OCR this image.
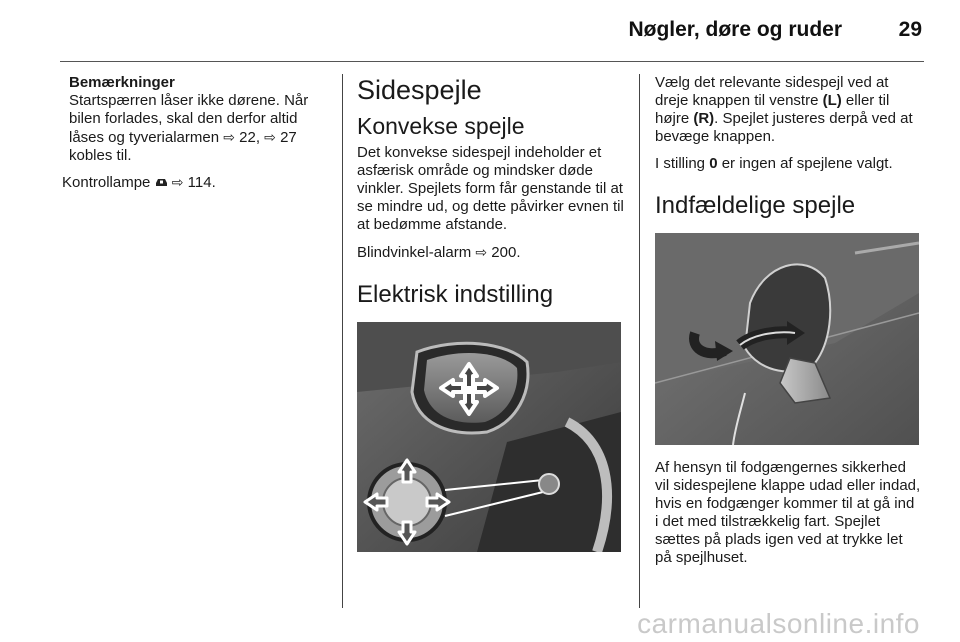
Nøgler, døre og ruder	29
Bemærkninger
Startspærren låser ikke dørene. Når bilen forlades, skal den derfor altid låses og tyverialarmen ⇨ 22, ⇨ 27 kobles til.

Kontrollampe  ⇨ 114.

Sidespejle
Konvekse spejle

Det konvekse sidespejl indeholder et asfærisk område og mindsker døde vinkler. Spejlets form får genstande til at se mindre ud, og dette påvirker evnen til at bedømme afstande.

Blindvinkel-alarm ⇨ 200.

Elektrisk indstilling

Vælg det relevante sidespejl ved at dreje knappen til venstre (L) eller til højre (R). Spejlet justeres derpå ved at bevæge knappen.

I stilling 0 er ingen af spejlene valgt.

Indfældelige spejle

Af hensyn til fodgængernes sikkerhed vil sidespejlene klappe udad eller indad, hvis en fodgænger kommer til at gå ind i det med tilstrækkelig fart. Spejlet sættes på plads igen ved at trykke let på spejlhuset.

carmanualsonline.info
